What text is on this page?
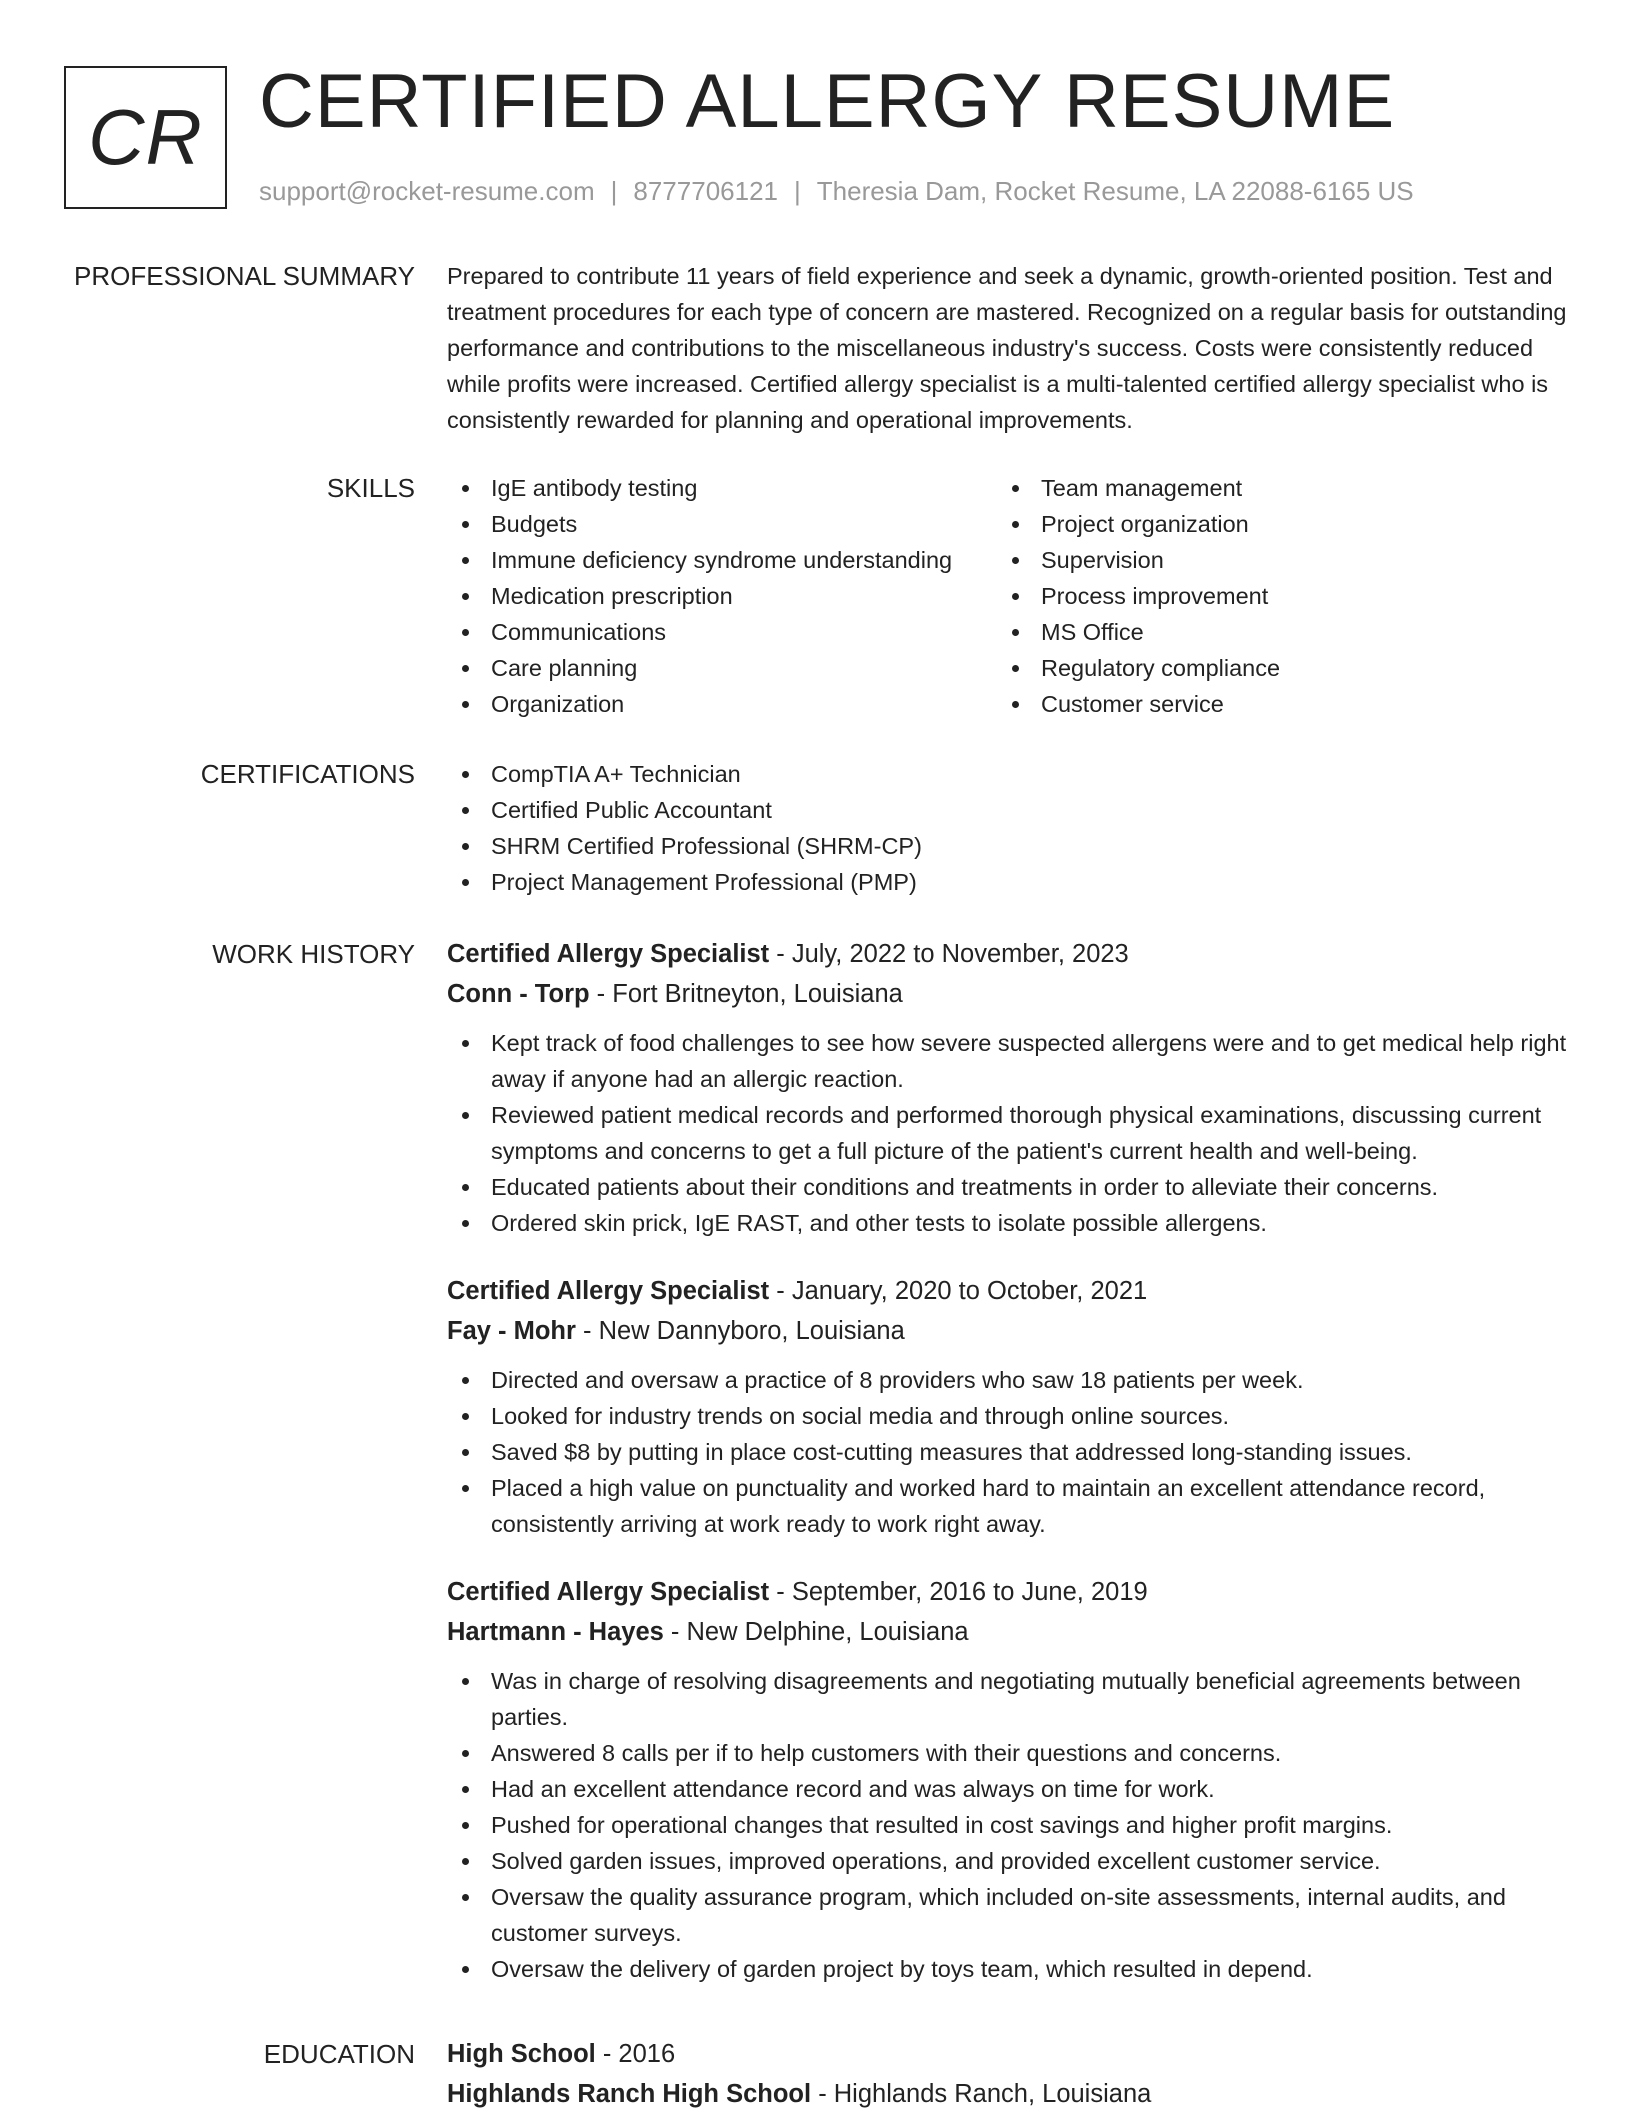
CR CERTIFIED ALLERGY RESUME
support@rocket-resume.com | 8777706121 | Theresia Dam, Rocket Resume, LA 22088-6165 US
PROFESSIONAL SUMMARY Prepared to contribute 11 years of field experience and seek a dynamic, growth-oriented position. Test and treatment procedures for each type of concern are mastered. Recognized on a regular basis for outstanding performance and contributions to the miscellaneous industry's success. Costs were consistently reduced while profits were increased. Certified allergy specialist is a multi-talented certified allergy specialist who is consistently rewarded for planning and operational improvements.
SKILLS	IgE antibody testing
Budgets
Immune deficiency syndrome understanding
Medication prescription
Communications
Care planning
Organization
Team management
Project organization
Supervision
Process improvement
MS Office
Regulatory compliance
Customer service
CERTIFICATIONS	CompTIA A+ Technician
Certified Public Accountant
SHRM Certified Professional (SHRM-CP)
Project Management Professional (PMP)
WORK HISTORY Certified Allergy Specialist - July, 2022 to November, 2023
Conn - Torp - Fort Britneyton, Louisiana
Kept track of food challenges to see how severe suspected allergens were and to get medical help right away if anyone had an allergic reaction.
Reviewed patient medical records and performed thorough physical examinations, discussing current symptoms and concerns to get a full picture of the patient's current health and well-being.
Educated patients about their conditions and treatments in order to alleviate their concerns.
Ordered skin prick, IgE RAST, and other tests to isolate possible allergens.
Certified Allergy Specialist - January, 2020 to October, 2021
Fay - Mohr - New Dannyboro, Louisiana
Directed and oversaw a practice of 8 providers who saw 18 patients per week.
Looked for industry trends on social media and through online sources.
Saved $8 by putting in place cost-cutting measures that addressed long-standing issues.
Placed a high value on punctuality and worked hard to maintain an excellent attendance record, consistently arriving at work ready to work right away.
Certified Allergy Specialist - September, 2016 to June, 2019
Hartmann - Hayes - New Delphine, Louisiana
Was in charge of resolving disagreements and negotiating mutually beneficial agreements between parties.
Answered 8 calls per if to help customers with their questions and concerns.
Had an excellent attendance record and was always on time for work.
Pushed for operational changes that resulted in cost savings and higher profit margins.
Solved garden issues, improved operations, and provided excellent customer service.
Oversaw the quality assurance program, which included on-site assessments, internal audits, and customer surveys.
Oversaw the delivery of garden project by toys team, which resulted in depend.
EDUCATION High School - 2016
Highlands Ranch High School - Highlands Ranch, Louisiana
